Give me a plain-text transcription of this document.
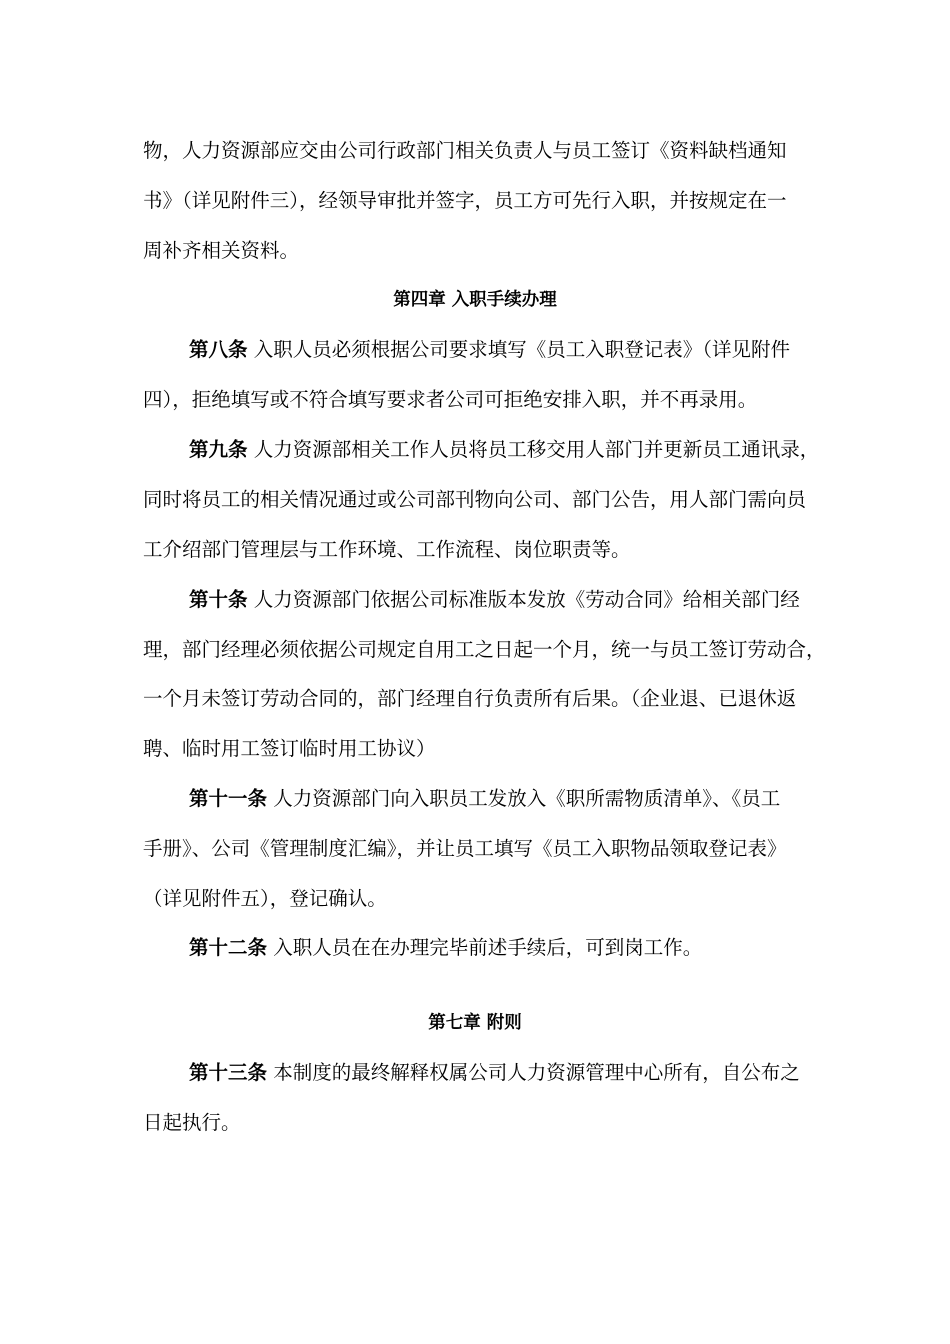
物，人力资源部应交由公司行政部门相关负责人与员工签订《资料缺档通知
书》（详见附件三），经领导审批并签字，员工方可先行入职，并按规定在一
周补齐相关资料。
第四章 入职手续办理
第八条 入职人员必须根据公司要求填写《员工入职登记表》（详见附件
四），拒绝填写或不符合填写要求者公司可拒绝安排入职，并不再录用。
第九条 人力资源部相关工作人员将员工移交用人部门并更新员工通讯录，
同时将员工的相关情况通过或公司部刊物向公司、部门公告，用人部门需向员
工介绍部门管理层与工作环境、工作流程、岗位职责等。
第十条 人力资源部门依据公司标准版本发放《劳动合同》给相关部门经
理，部门经理必须依据公司规定自用工之日起一个月，统一与员工签订劳动合，
一个月未签订劳动合同的，部门经理自行负责所有后果。（企业退、已退休返
聘、临时用工签订临时用工协议）
第十一条 人力资源部门向入职员工发放入《职所需物质清单》、《员工
手册》、公司《管理制度汇编》，并让员工填写《员工入职物品领取登记表》
（详见附件五），登记确认。
第十二条 入职人员在在办理完毕前述手续后，可到岗工作。
第七章 附则
第十三条 本制度的最终解释权属公司人力资源管理中心所有，自公布之
日起执行。
